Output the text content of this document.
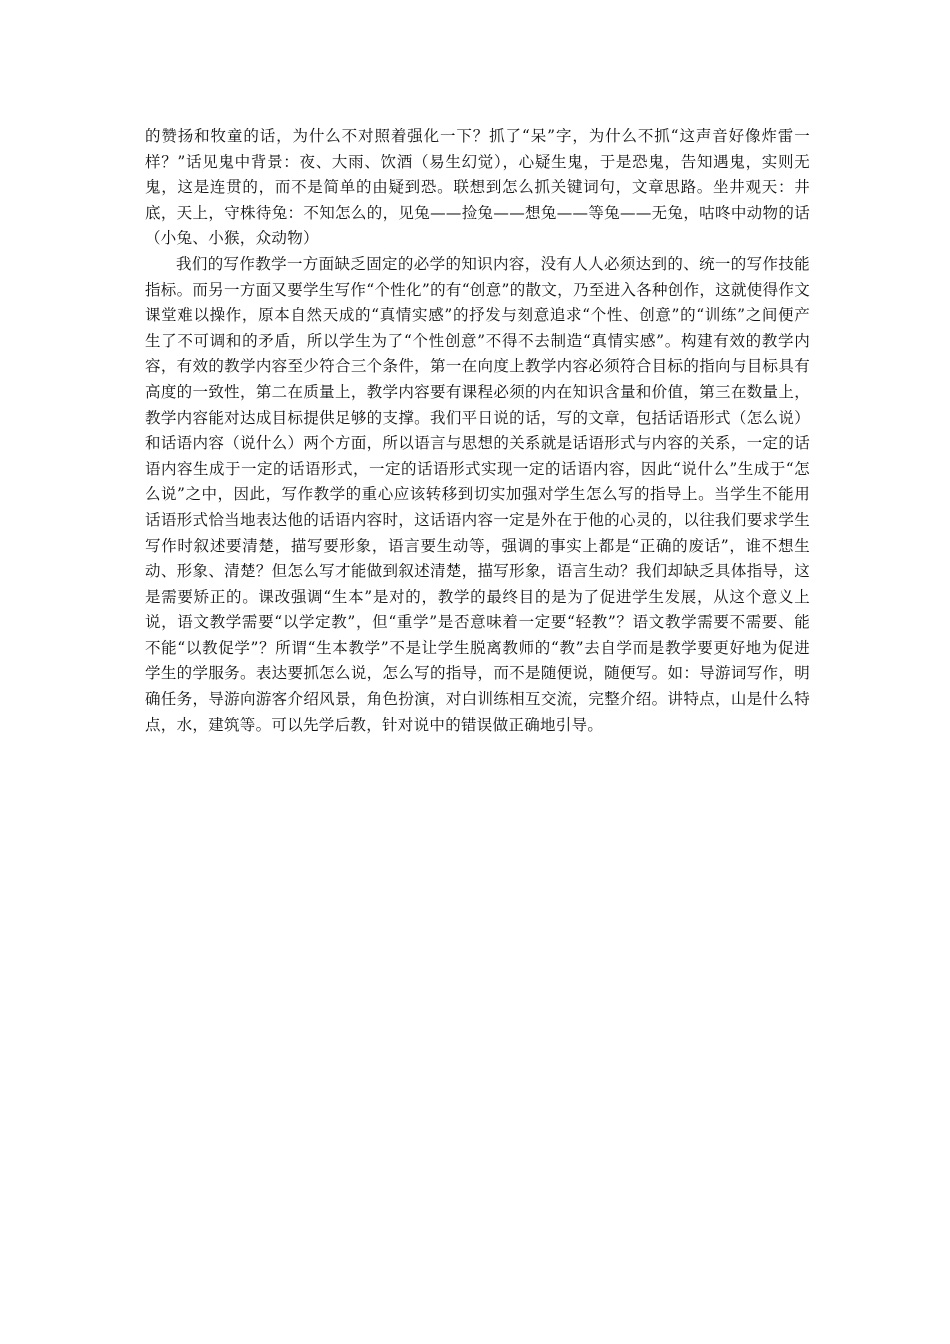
的赞扬和牧童的话，为什么不对照着强化一下？抓了“呆”字，为什么不抓“这声音好像炸雷一样？”话见鬼中背景：夜、大雨、饮酒（易生幻觉），心疑生鬼，于是恐鬼，告知遇鬼，实则无鬼，这是连贯的，而不是简单的由疑到恐。联想到怎么抓关键词句，文章思路。坐井观天：井底，天上，守株待兔：不知怎么的，见兔——捡兔——想兔——等兔——无兔，咕咚中动物的话（小兔、小猴，众动物）

我们的写作教学一方面缺乏固定的必学的知识内容，没有人人必须达到的、统一的写作技能指标。而另一方面又要学生写作“个性化”的有“创意”的散文，乃至进入各种创作，这就使得作文课堂难以操作，原本自然天成的“真情实感”的抒发与刻意追求“个性、创意”的“训练”之间便产生了不可调和的矛盾，所以学生为了“个性创意”不得不去制造“真情实感”。构建有效的教学内容，有效的教学内容至少符合三个条件，第一在向度上教学内容必须符合目标的指向与目标具有高度的一致性，第二在质量上，教学内容要有课程必须的内在知识含量和价值，第三在数量上，教学内容能对达成目标提供足够的支撑。我们平日说的话，写的文章，包括话语形式（怎么说）和话语内容（说什么）两个方面，所以语言与思想的关系就是话语形式与内容的关系，一定的话语内容生成于一定的话语形式，一定的话语形式实现一定的话语内容，因此“说什么”生成于“怎么说”之中，因此，写作教学的重心应该转移到切实加强对学生怎么写的指导上。当学生不能用话语形式恰当地表达他的话语内容时，这话语内容一定是外在于他的心灵的，以往我们要求学生写作时叙述要清楚，描写要形象，语言要生动等，强调的事实上都是“正确的废话”，谁不想生动、形象、清楚？但怎么写才能做到叙述清楚，描写形象，语言生动？我们却缺乏具体指导，这是需要矫正的。课改强调“生本”是对的，教学的最终目的是为了促进学生发展，从这个意义上说，语文教学需要“以学定教”，但“重学”是否意味着一定要“轻教”？语文教学需要不需要、能不能“以教促学”？所谓“生本教学”不是让学生脱离教师的“教”去自学而是教学要更好地为促进学生的学服务。表达要抓怎么说，怎么写的指导，而不是随便说，随便写。如：导游词写作，明确任务，导游向游客介绍风景，角色扮演，对白训练相互交流，完整介绍。讲特点，山是什么特点，水，建筑等。可以先学后教，针对说中的错误做正确地引导。
